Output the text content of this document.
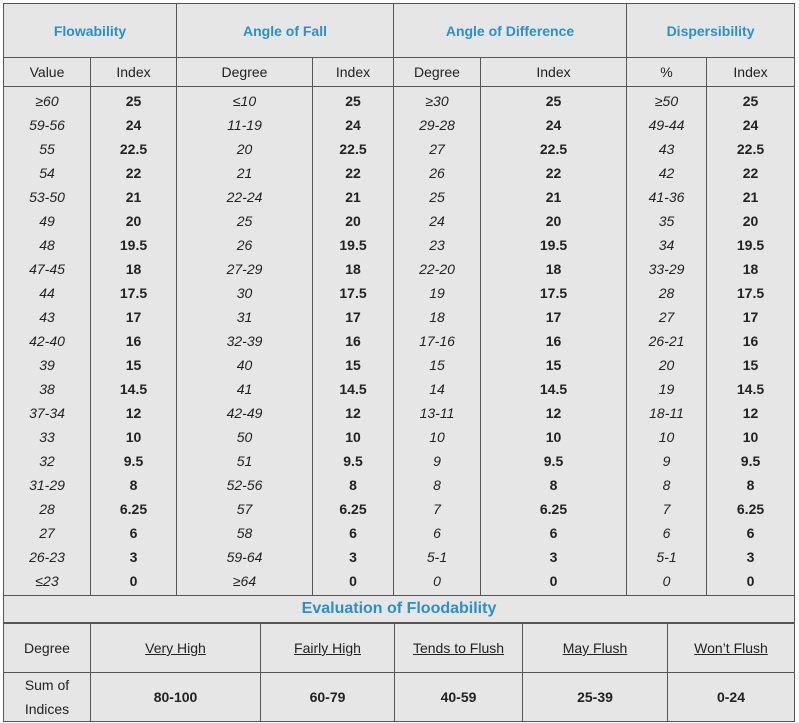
Flowability		Angle of Fall		Angle of Difference		Dispersibility	
Value	Index	Degree	Index	Degree	Index	%	Index
≥60	25	≤10	25	≥30	25	≥50	25
59-56	24	11-19	24	29-28	24	49-44	24
55	22.5	20	22.5	27	22.5	43	22.5
54	22	21	22	26	22	42	22
53-50	21	22-24	21	25	21	41-36	21
49	20	25	20	24	20	35	20
48	19.5	26	19.5	23	19.5	34	19.5
47-45	18	27-29	18	22-20	18	33-29	18
44	17.5	30	17.5	19	17.5	28	17.5
43	17	31	17	18	17	27	17
42-40	16	32-39	16	17-16	16	26-21	16
39	15	40	15	15	15	20	15
38	14.5	41	14.5	14	14.5	19	14.5
37-34	12	42-49	12	13-11	12	18-11	12
33	10	50	10	10	10	10	10
32	9.5	51	9.5	9	9.5	9	9.5
31-29	8	52-56	8	8	8	8	8
28	6.25	57	6.25	7	6.25	7	6.25
27	6	58	6	6	6	6	6
26-23	3	59-64	3	5-1	3	5-1	3
≤23	0	≥64	0	0	0	0	0
Evaluation of Floodability							
Degree	Very High	Fairly High	Tends to Flush	May Flush	Won’t Flush
Sum of
Indices	80-100	60-79	40-59	25-39	0-24
